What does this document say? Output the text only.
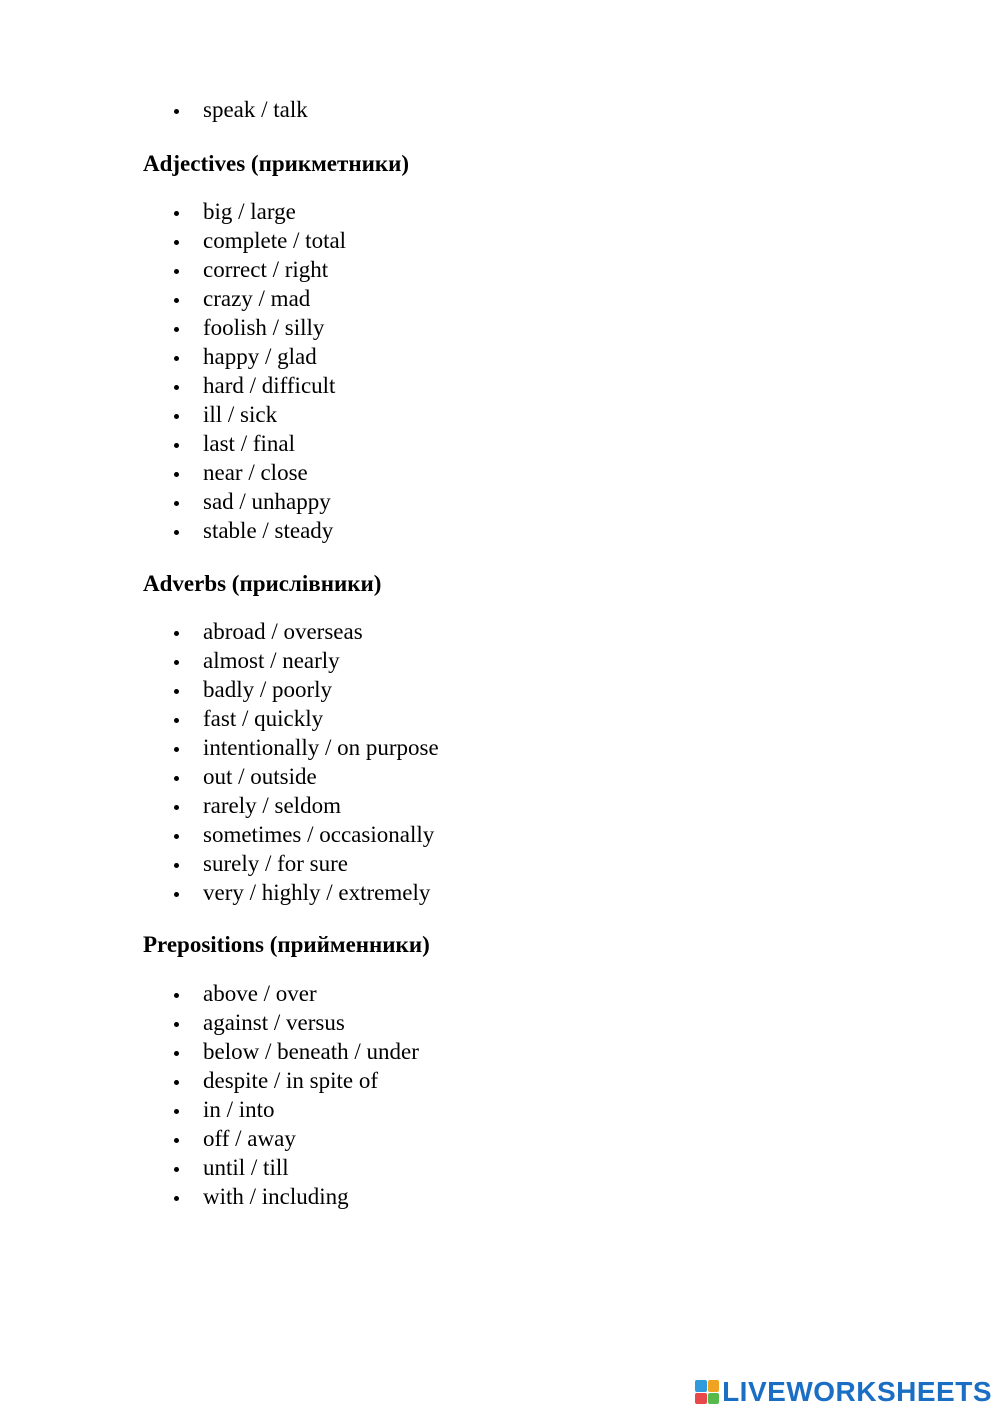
speak / talk
Adjectives (прикметники)
big / large
complete / total
correct / right
crazy / mad
foolish / silly
happy / glad
hard / difficult
ill / sick
last / final
near / close
sad / unhappy
stable / steady
Adverbs (прислівники)
abroad / overseas
almost / nearly
badly / poorly
fast / quickly
intentionally / on purpose
out / outside
rarely / seldom
sometimes / occasionally
surely / for sure
very / highly / extremely
Prepositions (прийменники)
above / over
against / versus
below / beneath / under
despite / in spite of
in / into
off / away
until / till
with / including
LIVEWORKSHEETS
